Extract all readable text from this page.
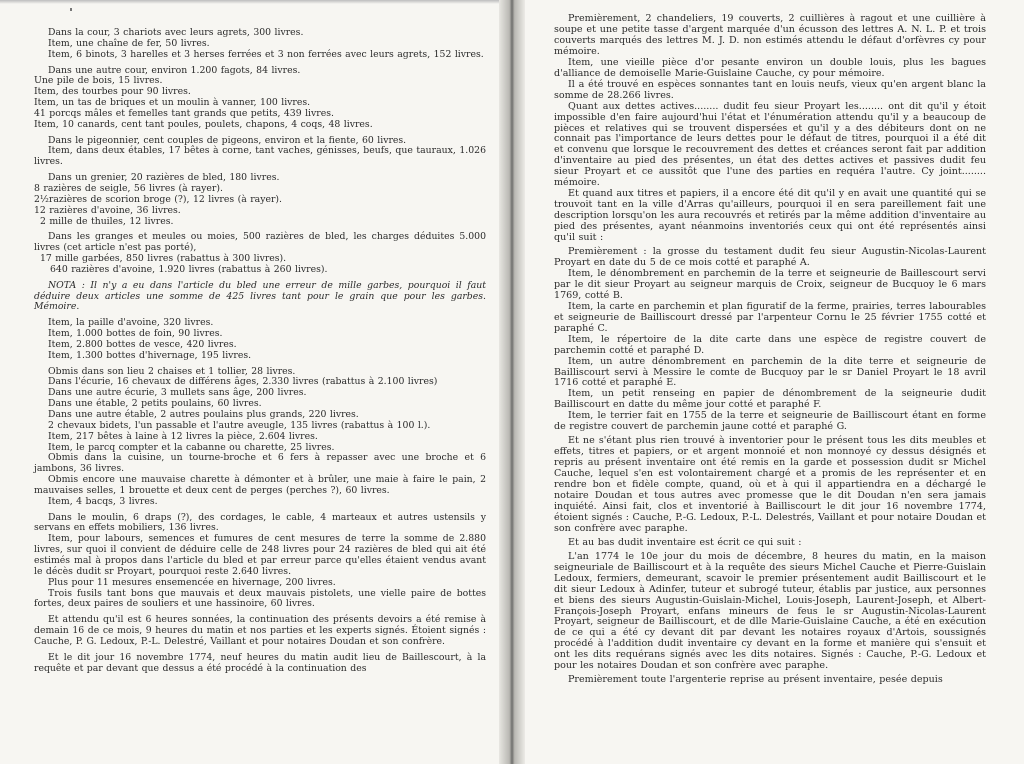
Dans la cour, 3 chariots avec leurs agrets, 300 livres.

Item, une chaîne de fer, 50 livres.

Item, 6 binots, 3 harelles et 3 herses ferrées et 3 non ferrées avec leurs agrets, 152 livres.

Dans une autre cour, environ 1.200 fagots, 84 livres.

Une pile de bois, 15 livres.

Item, des tourbes pour 90 livres.

Item, un tas de briques et un moulin à vanner, 100 livres.

41 porcqs mâles et femelles tant grands que petits, 439 livres.

Item, 10 canards, cent tant poules, poulets, chapons, 4 coqs, 48 livres.

Dans le pigeonnier, cent couples de pigeons, environ et la fiente, 60 livres.

Item, dans deux étables, 17 bêtes à corne, tant vaches, génisses, beufs, que tauraux, 1.026 livres.

Dans un grenier, 20 razières de bled, 180 livres.

8 razières de seigle, 56 livres (à rayer).

2½razières de scorion broge (?), 12 livres (à rayer).

12 razières d'avoine, 36 livres.

2 mille de thuiles, 12 livres.

Dans les granges et meules ou moies, 500 razières de bled, les charges déduites 5.000 livres (cet article n'est pas porté),

17 mille garbées, 850 livres (rabattus à 300 livres).

640 razières d'avoine, 1.920 livres (rabattus à 260 livres).

NOTA : Il n'y a eu dans l'article du bled une erreur de mille garbes, pourquoi il faut déduire deux articles une somme de 425 livres tant pour le grain que pour les garbes. Mémoire.

Item, la paille d'avoine, 320 livres.

Item, 1.000 bottes de foin, 90 livres.

Item, 2.800 bottes de vesce, 420 livres.

Item, 1.300 bottes d'hivernage, 195 livres.

Obmis dans son lieu 2 chaises et 1 tollier, 28 livres.

Dans l'écurie, 16 chevaux de différens âges, 2.330 livres (rabattus à 2.100 livres)

Dans une autre écurie, 3 mullets sans âge, 200 livres.

Dans une étable, 2 petits poulains, 60 livres.

Dans une autre étable, 2 autres poulains plus grands, 220 livres.

2 chevaux bidets, l'un passable et l'autre aveugle, 135 livres (rabattus à 100 l.).

Item, 217 bêtes à laine à 12 livres la pièce, 2.604 livres.

Item, le parcq compter et la cabanne ou charette, 25 livres.

Obmis dans la cuisine, un tourne-broche et 6 fers à repasser avec une broche et 6 jambons, 36 livres.

Obmis encore une mauvaise charette à démonter et à brûler, une maie à faire le pain, 2 mauvaises selles, 1 brouette et deux cent de perges (perches ?), 60 livres.

Item, 4 bacqs, 3 livres.

Dans le moulin, 6 draps (?), des cordages, le cable, 4 marteaux et autres ustensils y servans en effets mobiliers, 136 livres.

Item, pour labours, semences et fumures de cent mesures de terre la somme de 2.880 livres, sur quoi il convient de déduire celle de 248 livres pour 24 razières de bled qui ait été estimés mal à propos dans l'article du bled et par erreur parce qu'elles étaient vendus avant le décès dudit sr Proyart, pourquoi reste 2.640 livres.

Plus pour 11 mesures ensemencée en hivernage, 200 livres.

Trois fusils tant bons que mauvais et deux mauvais pistolets, une vielle paire de bottes fortes, deux paires de souliers et une hassinoire, 60 livres.

Et attendu qu'il est 6 heures sonnées, la continuation des présents devoirs a été remise à demain 16 de ce mois, 9 heures du matin et nos parties et les experts signés. Étoient signés : Cauche, P. G. Ledoux, P.-L. Delestré, Vaillant et pour notaires Doudan et son confrère.

Et le dit jour 16 novembre 1774, neuf heures du matin audit lieu de Baillescourt, à la requête et par devant que dessus a été procédé à la continuation des

Premièrement, 2 chandeliers, 19 couverts, 2 cuillières à ragout et une cuillière à soupe et une petite tasse d'argent marquée d'un écusson des lettres A. N. L. P. et trois couverts marqués des lettres M. J. D. non estimés attendu le défaut d'orfèvres cy pour mémoire.

Item, une vieille pièce d'or pesante environ un double louis, plus les bagues d'alliance de demoiselle Marie-Guislaine Cauche, cy pour mémoire.

Il a été trouvé en espèces sonnantes tant en louis neufs, vieux qu'en argent blanc la somme de 28.266 livres.

Quant aux dettes actives........ dudit feu sieur Proyart les........ ont dit qu'il y étoit impossible d'en faire aujourd'hui l'état et l'énumération attendu qu'il y a beaucoup de pièces et relatives qui se trouvent dispersées et qu'il y a des débiteurs dont on ne connait pas l'importance de leurs dettes pour le défaut de titres, pourquoi il a été dit et convenu que lorsque le recouvrement des dettes et créances seront fait par addition d'inventaire au pied des présentes, un état des dettes actives et passives dudit feu sieur Proyart et ce aussitôt que l'une des parties en requéra l'autre. Cy joint........ mémoire.

Et quand aux titres et papiers, il a encore été dit qu'il y en avait une quantité qui se trouvoit tant en la ville d'Arras qu'ailleurs, pourquoi il en sera pareillement fait une description lorsqu'on les aura recouvrés et retirés par la même addition d'inventaire au pied des présentes, ayant néanmoins inventoriés ceux qui ont été représentés ainsi qu'il suit :

Premièrement : la grosse du testament dudit feu sieur Augustin-Nicolas-Laurent Proyart en date du 5 de ce mois cotté et paraphé A.

Item, le dénombrement en parchemin de la terre et seigneurie de Baillescourt servi par le dit sieur Proyart au seigneur marquis de Croix, seigneur de Bucquoy le 6 mars 1769, cotté B.

Item, la carte en parchemin et plan figuratif de la ferme, prairies, terres labourables et seigneurie de Bailliscourt dressé par l'arpenteur Cornu le 25 février 1755 cotté et paraphé C.

Item, le répertoire de la dite carte dans une espèce de registre couvert de parchemin cotté et paraphé D.

Item, un autre dénombrement en parchemin de la dite terre et seigneurie de Bailliscourt servi à Messire le comte de Bucquoy par le sr Daniel Proyart le 18 avril 1716 cotté et paraphé E.

Item, un petit renseing en papier de dénombrement de la seigneurie dudit Bailliscourt en datte du même jour cotté et paraphé F.

Item, le terrier fait en 1755 de la terre et seigneurie de Bailliscourt étant en forme de registre couvert de parchemin jaune cotté et paraphé G.

Et ne s'étant plus rien trouvé à inventorier pour le présent tous les dits meubles et effets, titres et papiers, or et argent monnoié et non monnoyé cy dessus désignés et repris au présent inventaire ont été remis en la garde et possession dudit sr Michel Cauche, lequel s'en est volontairement chargé et a promis de les représenter et en rendre bon et fidèle compte, quand, où et à qui il appartiendra en a déchargé le notaire Doudan et tous autres avec promesse que le dit Doudan n'en sera jamais inquiété. Ainsi fait, clos et inventorié à Bailliscourt le dit jour 16 novembre 1774, étoient signés : Cauche, P.-G. Ledoux, P.-L. Delestrés, Vaillant et pour notaire Doudan et son confrère avec paraphe.

Et au bas dudit inventaire est écrit ce qui suit :

L'an 1774 le 10e jour du mois de décembre, 8 heures du matin, en la maison seigneuriale de Bailliscourt et à la requête des sieurs Michel Cauche et Pierre-Guislain Ledoux, fermiers, demeurant, scavoir le premier présentement audit Bailliscourt et le dit sieur Ledoux à Adinfer, tuteur et subrogé tuteur, établis par justice, aux personnes et biens des sieurs Augustin-Guislain-Michel, Louis-Joseph, Laurent-Joseph, et Albert-François-Joseph Proyart, enfans mineurs de feus le sr Augustin-Nicolas-Laurent Proyart, seigneur de Bailliscourt, et de dlle Marie-Guislaine Cauche, a été en exécution de ce qui a été cy devant dit par devant les notaires royaux d'Artois, soussignés procédé à l'addition dudit inventaire cy devant en la forme et manière qui s'ensuit et ont les dits requérans signés avec les dits notaires. Signés : Cauche, P.-G. Ledoux et pour les notaires Doudan et son confrère avec paraphe.

Premièrement toute l'argenterie reprise au présent inventaire, pesée depuis
